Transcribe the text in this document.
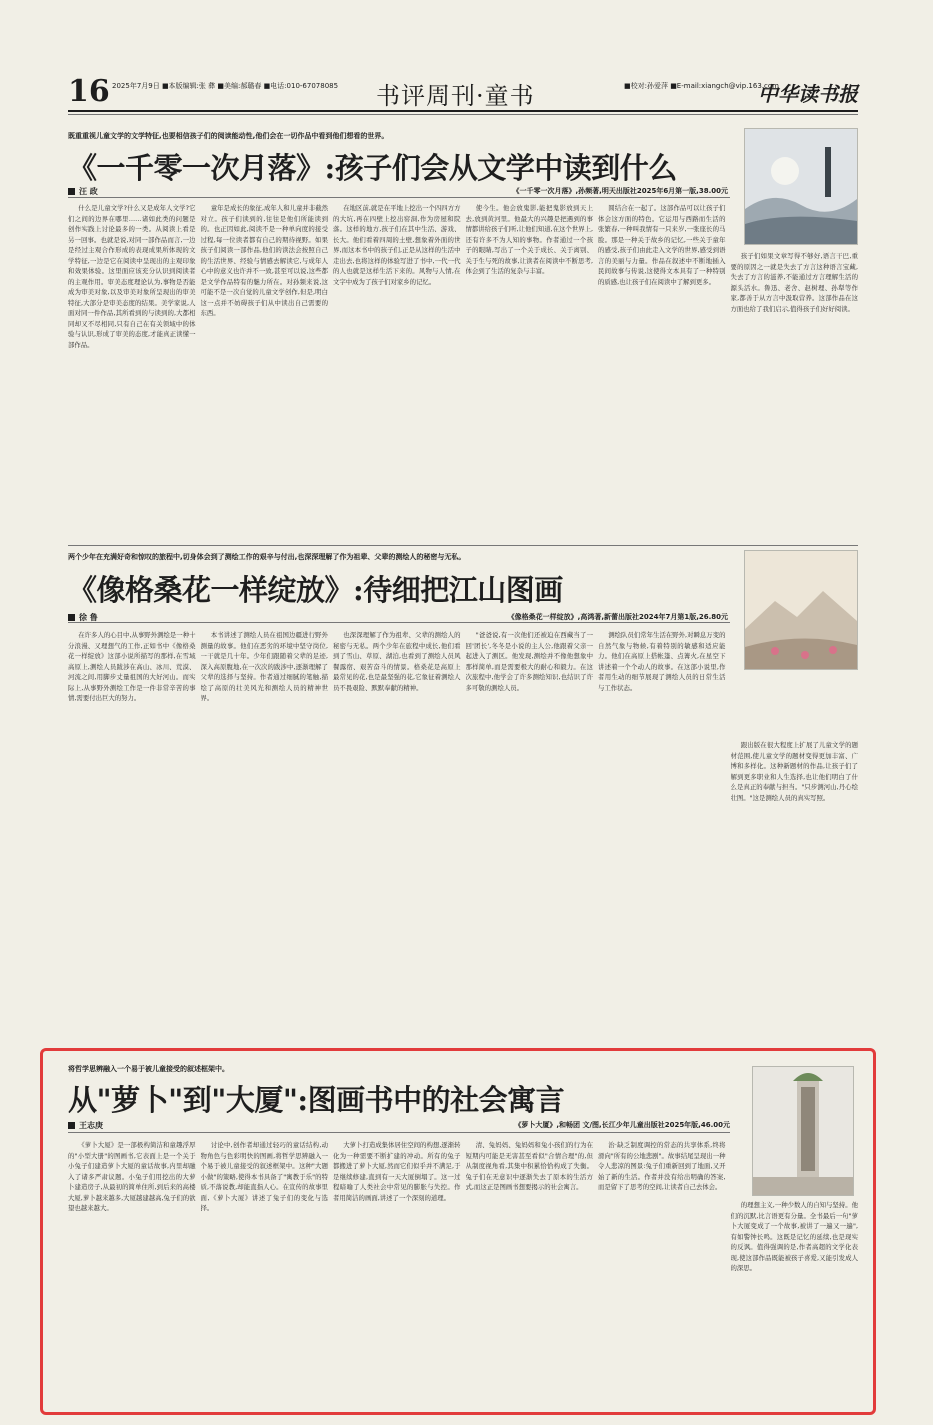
16 2025年7月9日 ■本版编辑:张 彝 ■美编:郝璐春 ■电话:010-67078085 书评周刊·童书	■校对:孙爱萍 ■E-mail:xiangch@vip.163.com
中华读书报
既重重视儿童文学的文学特征,也要相信孩子们的阅读能动性,他们会在一切作品中看到他们想看的世界。
《一千零一次月落》:孩子们会从文学中读到什么
汪 政	《一千零一次月落》,孙频著,明天出版社2025年6月第一版,38.00元

什么是儿童文学?什么又是成年人文学?它们之间的边界在哪里……诸如此类的问题是创作实践上讨论最多的一类。从阅读上看是另一回事。也就是说,对同一部作品而言,一边是经过主观合作形成的表现成果所体现的文学特征,一边是它在阅读中呈现出的主观印象和效果体验。这里面应该充分认识到阅读者的主观作用。审美态度理论认为,事物是否能成为审美对象,以及审美对象所呈现出的审美特征,大部分是审美态度的结果。美学家说,人面对同一件作品,其所看到的与读到的,大都相同却又不尽相同,只有自己在有关领域中的体验与认识,形成了审美的态度,才能真正读懂一部作品。

童年是成长的象征,成年人和儿童并非截然对立。孩子们读到的,往往是他们所能读到的。也正因如此,阅读不是一种单向度的接受过程,每一位读者都有自己的期待视野。如果孩子们阅读一部作品,他们的读法会按照自己的生活世界、经验与情感去解读它,与成年人心中的意义也许并不一致,甚至可以说,这些都是文学作品特有的魅力所在。对孙频来说,这可能不是一次自觉的儿童文学创作,但是,明白这一点并不妨碍孩子们从中读出自己需要的东西。

在地区前,就是在平地上挖出一个四四方方的大坑,再在四壁上挖出窑洞,作为房屋和院落。这样的地方,孩子们在其中生活、游戏、长大。他们看着四周的土壁,想象着外面的世界,而这本书中的孩子们,正是从这样的生活中走出去,也将这样的体验写进了书中,一代一代的人也就是这样生活下来的。风物与人情,在文字中成为了孩子们对家乡的记忆。

使今生。他会放鬼影,能把鬼影放到天上去,放到黄河里。他最大的兴趣是把遇到的事情都讲给孩子们听,让他们知道,在这个世界上,还有许多不为人知的事物。作者通过一个孩子的眼睛,写出了一个关于成长、关于离别、关于生与死的故事,让读者在阅读中不断思考,体会到了生活的复杂与丰富。

圆结合在一起了。这部作品可以让孩子们体会这方面的特色。它运用与西路而生活的张繁春,一种叫我情有一只来岁,一张座长的马脸。那是一种关于故乡的记忆,一些关于童年的感受,孩子们由此走入文学的世界,感受到语言的美丽与力量。作品在叙述中不断地插入民间故事与传说,这使得文本具有了一种特别的质感,也让孩子们在阅读中了解到更多。

孩子们如果文章写得不够好,语言干巴,重要的原因之一就是失去了方言这种语言宝藏,失去了方言的滋养,不能通过方言理解生活的源头活水。鲁迅、老舍、赵树理、孙犁等作家,都善于从方言中汲取营养。这部作品在这方面也给了我们启示,值得孩子们好好阅读。

两个少年在充满好奇和惊叹的旅程中,切身体会到了测绘工作的艰辛与付出,也深深理解了作为祖辈、父辈的测绘人的秘密与无私。
《像格桑花一样绽放》:待细把江山图画
徐 鲁	《像格桑花一样绽放》,高鸿著,新蕾出版社2024年7月第1版,26.80元

在许多人的心目中,从事野外测绘是一种十分浪漫、又理想气的工作,正如书中《像格桑花一样绽放》这部小说所描写的那样,在雪域高原上,测绘人员跋涉在高山、冰川、荒漠、河流之间,用脚步丈量祖国的大好河山。而实际上,从事野外测绘工作是一件非常辛苦的事情,需要付出巨大的努力。

本书讲述了测绘人员在祖国边疆进行野外测量的故事。他们在恶劣的环境中坚守岗位,一干就是几十年。少年们跟随着父辈的足迹,深入高原腹地,在一次次的跋涉中,逐渐理解了父辈的选择与坚持。作者通过细腻的笔触,描绘了高原的壮美风光和测绘人员的精神世界。

也深深理解了作为祖辈、父辈的测绘人的秘密与无私。两个少年在旅程中成长,他们看到了雪山、草原、湖泊,也看到了测绘人员风餐露宿、艰苦奋斗的情景。格桑花是高原上最常见的花,也是最坚强的花,它象征着测绘人员不畏艰险、默默奉献的精神。

"爸爸说,有一次他们还被迫在西藏当了一回'团长',冬冬是小说的主人公,他跟着父亲一起进入了测区。他发现,测绘并不像他想象中那样简单,而是需要极大的耐心和毅力。在这次旅程中,他学会了许多测绘知识,也结识了许多可敬的测绘人员。

测绘队员们常年生活在野外,对瞬息万变的自然气象与物候,有着特别的敏感和适应能力。他们在高原上搭帐篷、点篝火,在星空下讲述着一个个动人的故事。在这部小说里,作者用生动的细节展现了测绘人员的日常生活与工作状态。

跟出版在很大程度上扩展了儿童文学的题材范围,使儿童文学的题材变得更加丰富、广博和多样化。这种新题材的作品,让孩子们了解到更多职业和人生选择,也让他们明白了什么是真正的奉献与担当。"只步测河山,丹心绘壮图。"这是测绘人员的真实写照。

将哲学思辨融入一个易于被儿童接受的叙述框架中。
从"萝卜"到"大厦":图画书中的社会寓言
王志庚	《萝卜大厦》,和畅团 文/图,长江少年儿童出版社2025年版,46.00元

《萝卜大厦》是一部极构简洁和童趣浮厚的"小型大册"的图画书,它表面上是一个关于小兔子们建造萝卜大厦的童话故事,内里却融入了诸多严肃议题。小兔子们用挖出的大萝卜建造房子,从最初的简单住所,到后来的高楼大厦,萝卜越来越多,大厦越建越高,兔子们的欲望也越来越大。

讨论中,创作者却通过轻巧的童话结构,动物角色与色彩明快的图画,将哲学思辨融入一个易于被儿童接受的叙述框架中。这种"大题小做"的策略,使得本书具备了"寓教于乐"的特质,不落说教,却能直指人心。在宣传的故事里面,《萝卜大厦》讲述了兔子们的变化与选择。

大萝卜打造成集体居住空间的构想,逐渐转化为一种需要不断扩建的冲动。所有的兔子都搬进了萝卜大厦,然而它们似乎并不满足,于是继续修建,直到有一天大厦倒塌了。这一过程暗喻了人类社会中常见的膨胀与失控。作者用简洁的画面,讲述了一个深刻的道理。

清、兔妈妈、兔妈妈和兔小孩们的行为在短期内可能是无害甚至看似"合情合理"的,但从制度视角看,其集中积累恰恰构成了失衡。兔子们在无意识中逐渐失去了原本的生活方式,而这正是图画书想要揭示的社会寓言。

治·缺乏制度调控的常态的共享体系,终将滑向"所有的公地悲剧"。故事结尾呈现出一种令人悲凉的图景:兔子们重新回到了地面,又开始了新的生活。作者并没有给出明确的答案,而是留下了思考的空间,让读者自己去体会。

的理想主义,一种少数人的自知与坚持。他们的沉默,比言语更有分量。全书最后一句"萝卜大厦变成了一个故事,被讲了一遍又一遍",有如警钟长鸣。这既是记忆的延续,也是现实的反讽。值得强调的是,作者高超的文学化表现,使这部作品既能被孩子喜爱,又能引发成人的深思。
